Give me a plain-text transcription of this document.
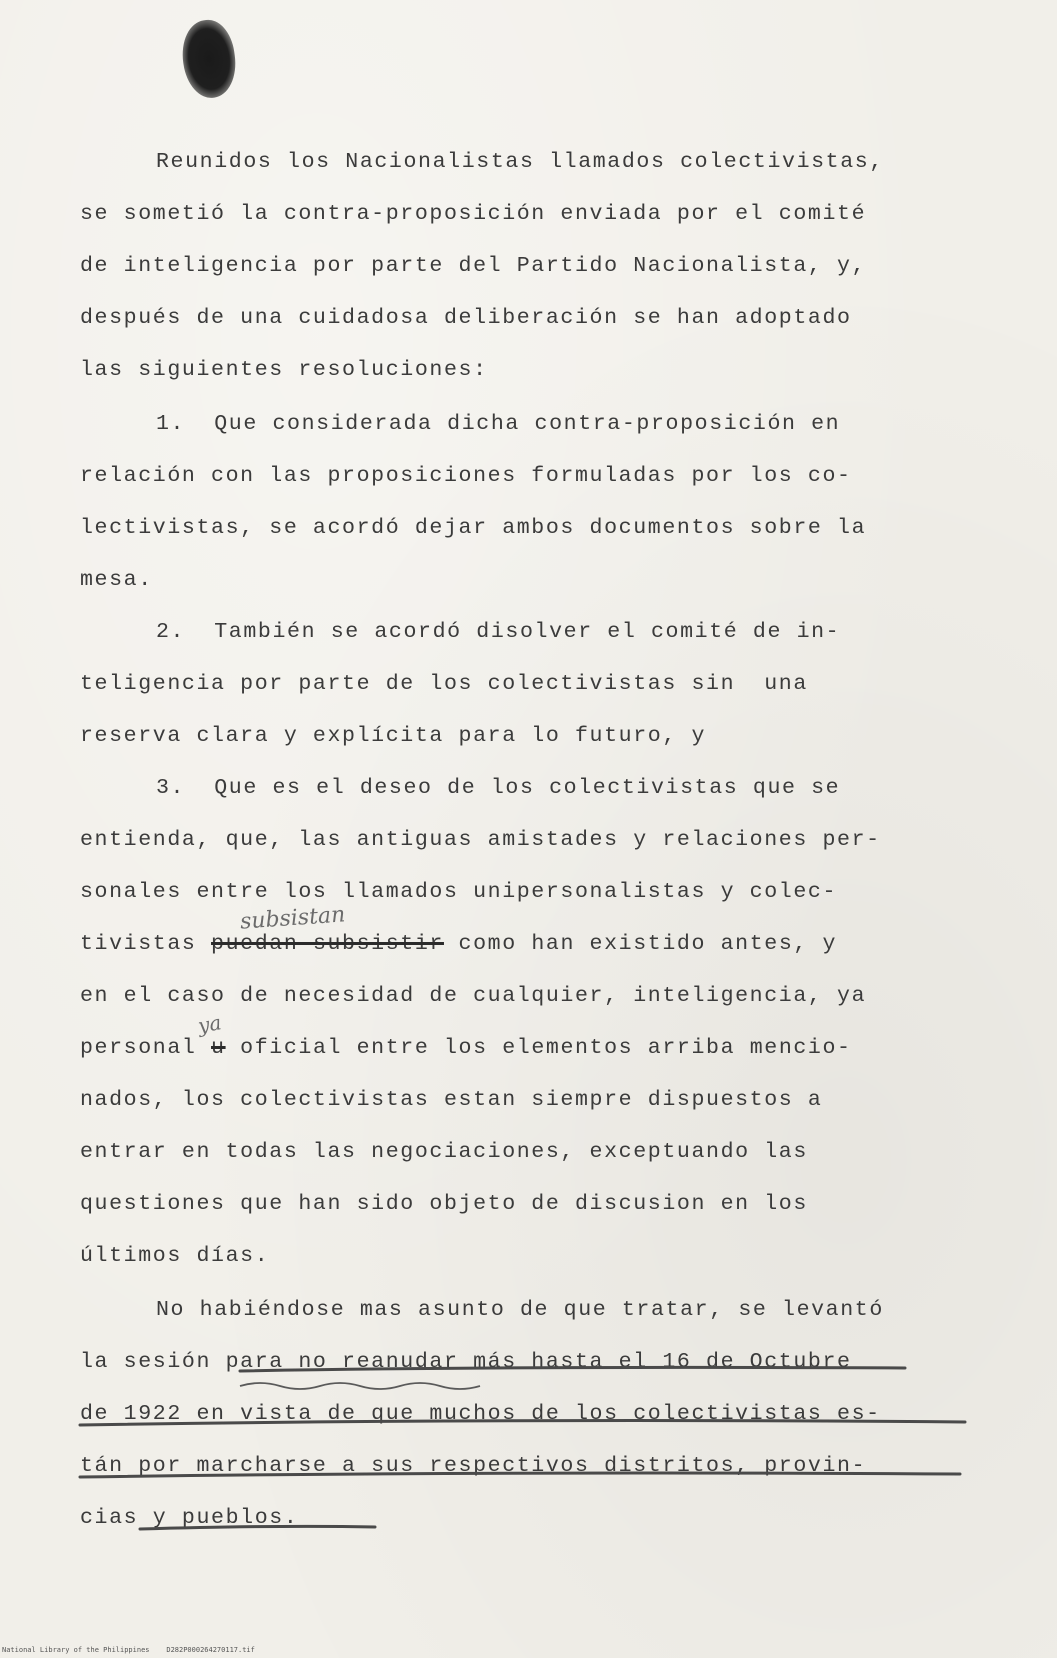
Reunidos los Nacionalistas llamados colectivistas,
se sometió la contra-proposición enviada por el comité
de inteligencia por parte del Partido Nacionalista, y,
después de una cuidadosa deliberación se han adoptado
las siguientes resoluciones:
1.  Que considerada dicha contra-proposición en
relación con las proposiciones formuladas por los co-
lectivistas, se acordó dejar ambos documentos sobre la
mesa.
2.  También se acordó disolver el comité de in-
teligencia por parte de los colectivistas sin  una
reserva clara y explícita para lo futuro, y
3.  Que es el deseo de los colectivistas que se
entienda, que, las antiguas amistades y relaciones per-
sonales entre los llamados unipersonalistas y colec-
tivistas puedan subsistir como han existido antes, y
subsistan
en el caso de necesidad de cualquier, inteligencia, ya
personal u oficial entre los elementos arriba mencio-
ya
nados, los colectivistas estan siempre dispuestos a
entrar en todas las negociaciones, exceptuando las
questiones que han sido objeto de discusion en los
últimos días.
No habiéndose mas asunto de que tratar, se levantó
la sesión para no reanudar más hasta el 16 de Octubre
de 1922 en vista de que muchos de los colectivistas es-
tán por marcharse a sus respectivos distritos, provin-
cias y pueblos.
National Library of the Philippines    D282P000264270117.tif
